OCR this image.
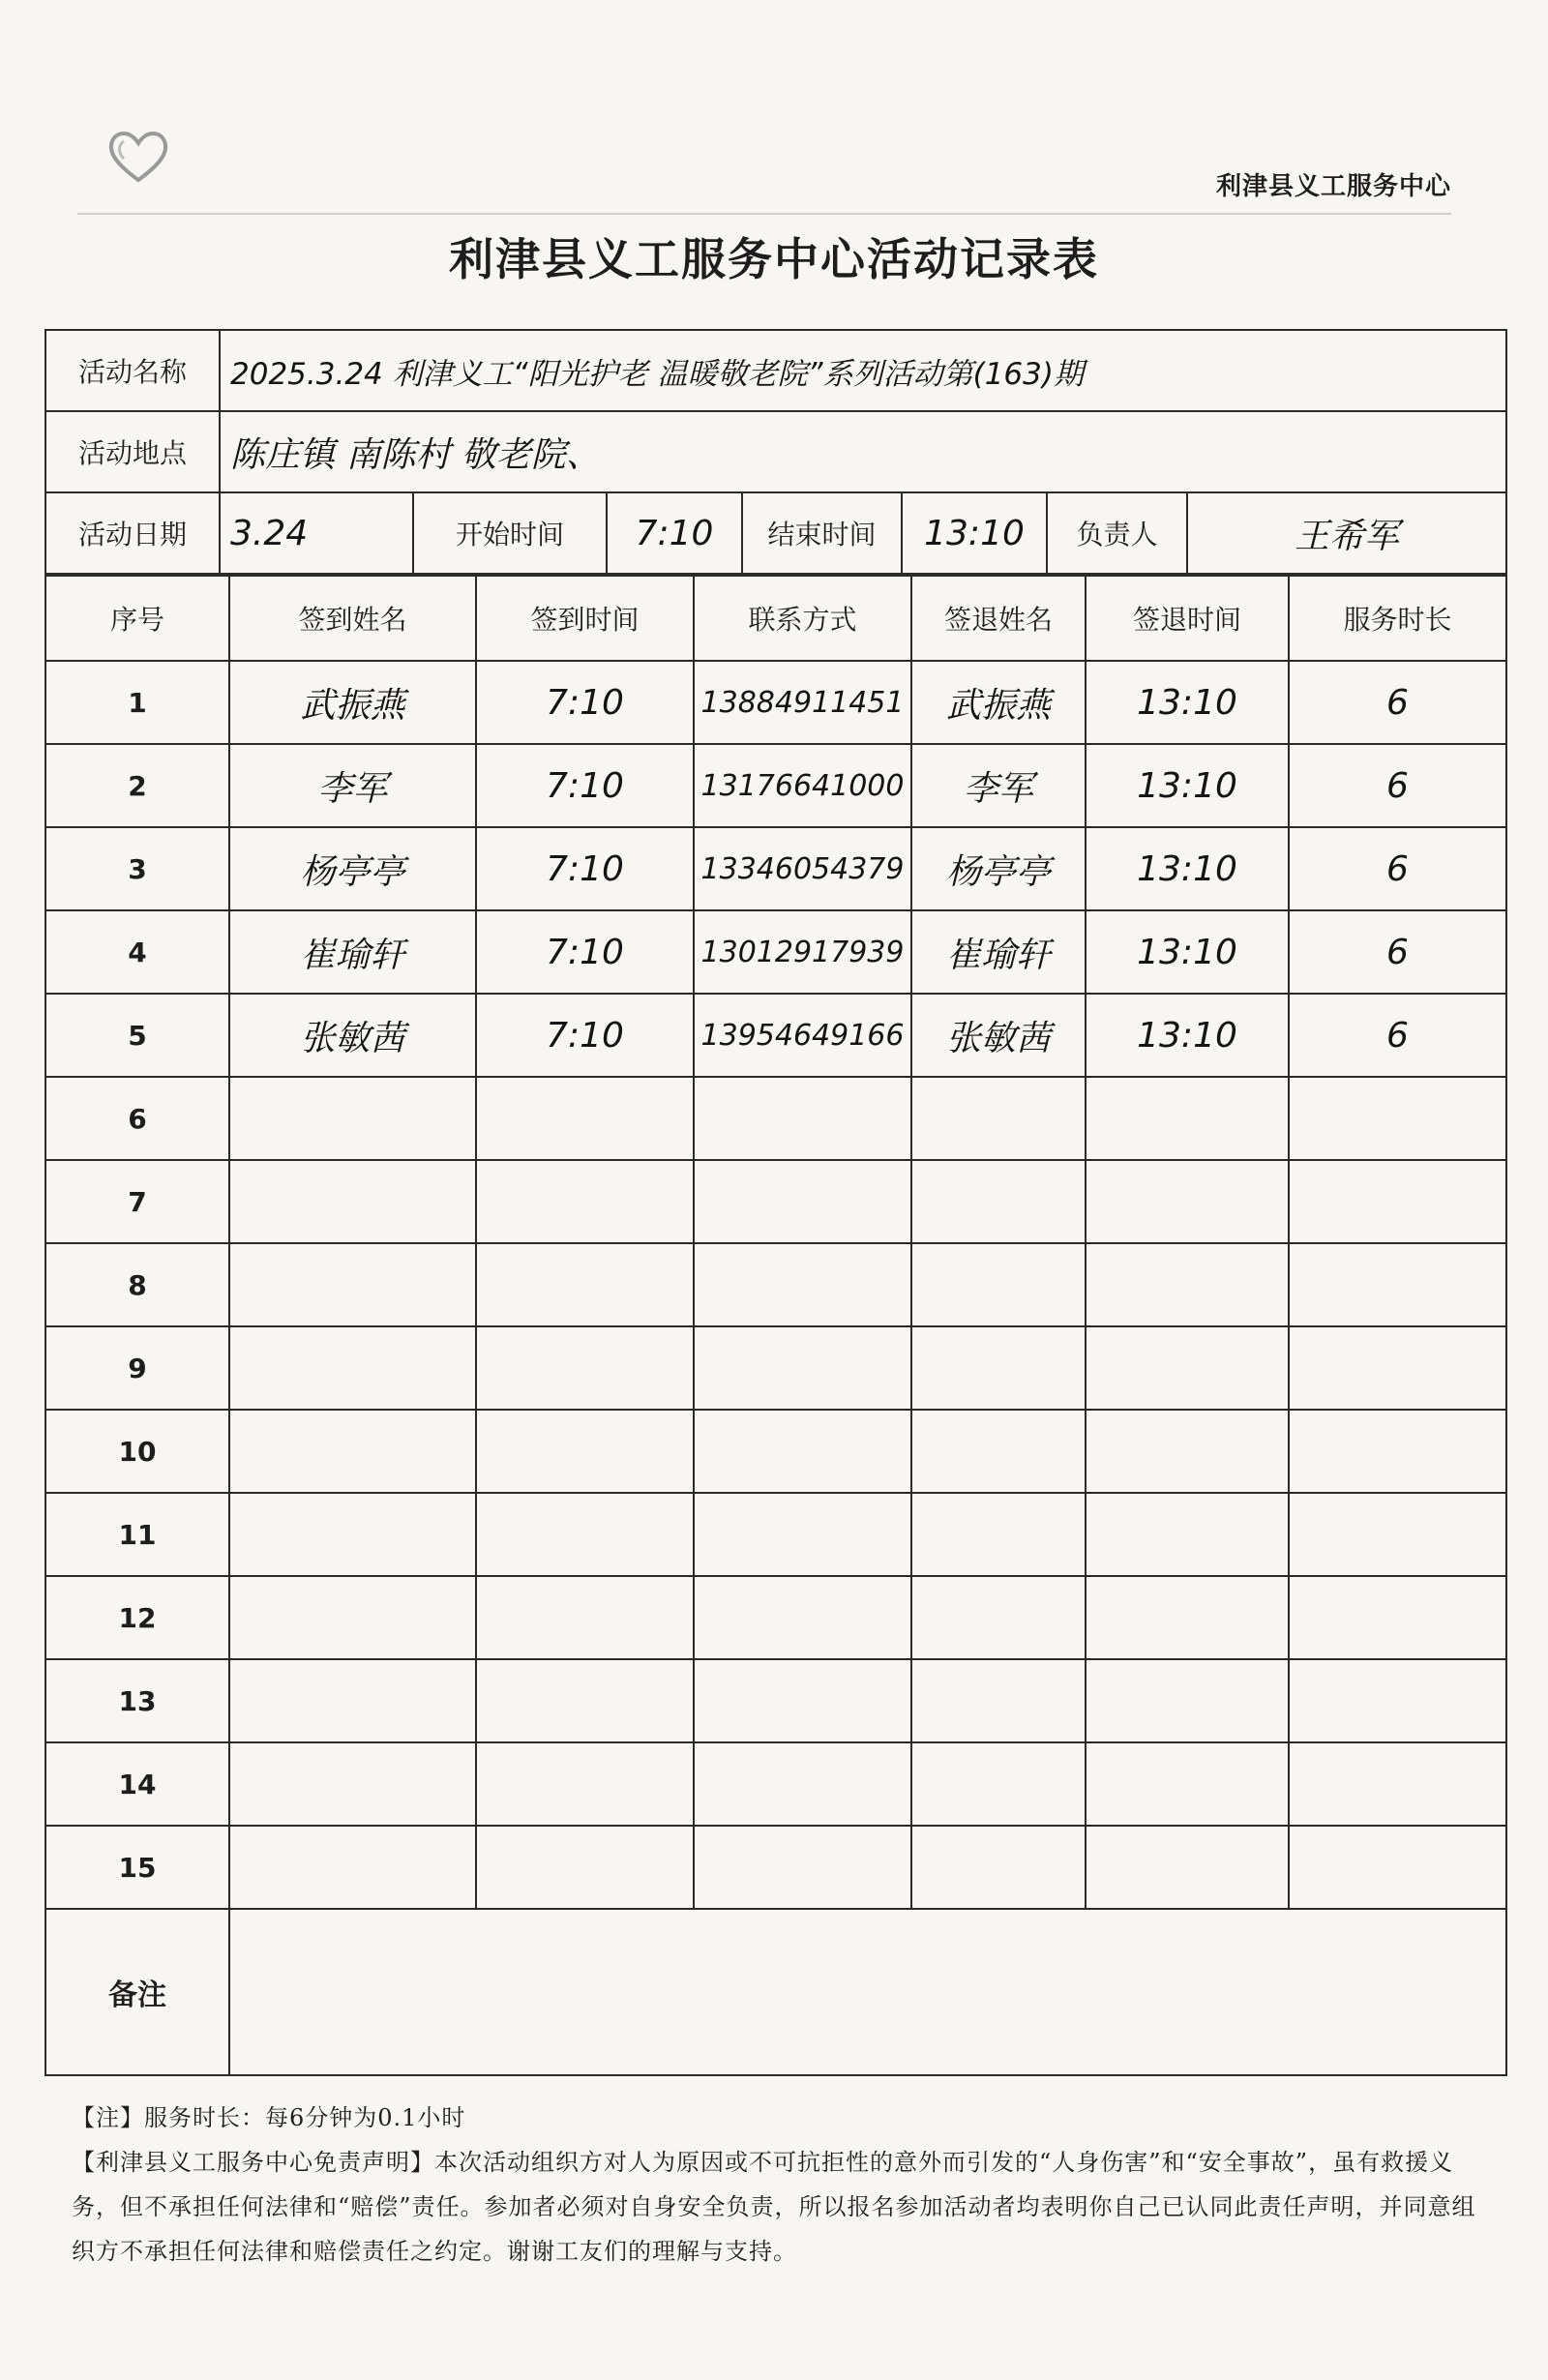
利津县义工服务中心
利津县义工服务中心活动记录表
活动名称	2025.3.24 利津义工“阳光护老 温暖敬老院”系列活动第(163)期						
活动地点	陈庄镇 南陈村 敬老院、						
活动日期	3.24	开始时间	7:10	结束时间	13:10	负责人	王希军
序号	签到姓名	签到时间	联系方式	签退姓名	签退时间	服务时长
1	武振燕	7:10	13884911451	武振燕	13:10	6
2	李军	7:10	13176641000	李军	13:10	6
3	杨亭亭	7:10	13346054379	杨亭亭	13:10	6
4	崔瑜轩	7:10	13012917939	崔瑜轩	13:10	6
5	张敏茜	7:10	13954649166	张敏茜	13:10	6
6						
7						
8						
9						
10						
11						
12						
13						
14						
15						
备注						

【注】服务时长：每6分钟为0.1小时

【利津县义工服务中心免责声明】本次活动组织方对人为原因或不可抗拒性的意外而引发的“人身伤害”和“安全事故”，虽有救援义务，但不承担任何法律和“赔偿”责任。参加者必须对自身安全负责，所以报名参加活动者均表明你自己已认同此责任声明，并同意组织方不承担任何法律和赔偿责任之约定。谢谢工友们的理解与支持。
